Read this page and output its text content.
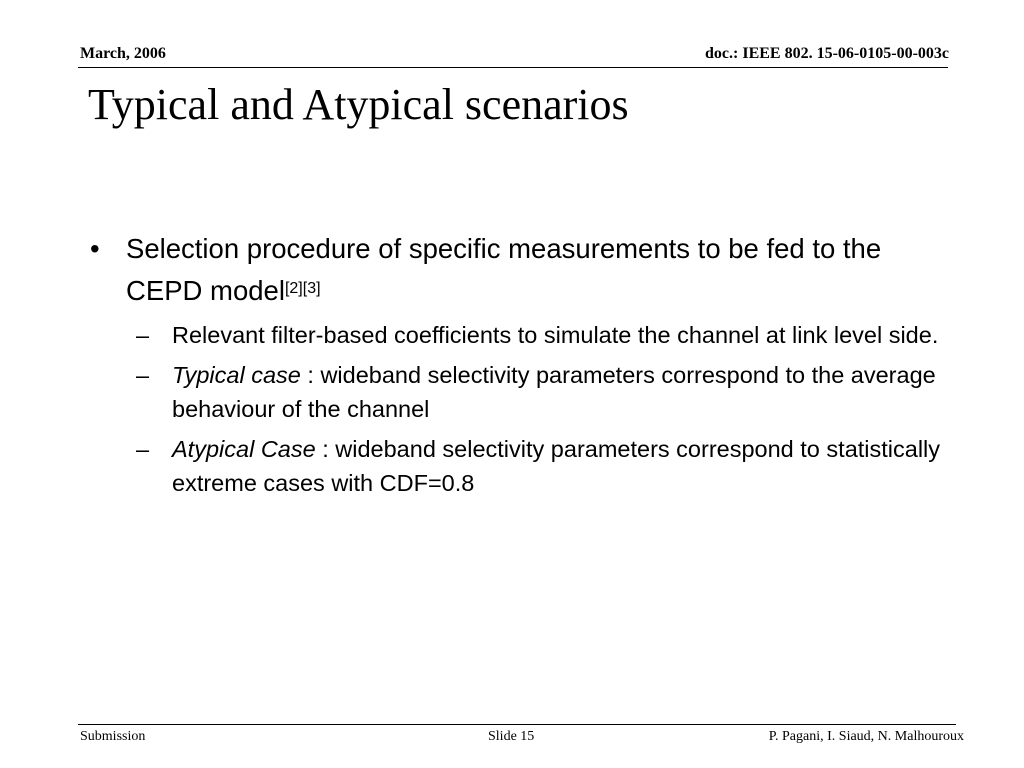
March, 2006	doc.: IEEE 802. 15-06-0105-00-003c
Typical and Atypical scenarios
• Selection procedure of specific measurements to be fed to the CEPD model[2][3]
– Relevant filter-based coefficients to simulate the channel at link level side.
– Typical case : wideband selectivity parameters correspond to the average behaviour of the channel
– Atypical Case : wideband selectivity parameters correspond to statistically extreme cases with CDF=0.8
Submission	Slide 15	P. Pagani, I. Siaud, N. Malhouroux
